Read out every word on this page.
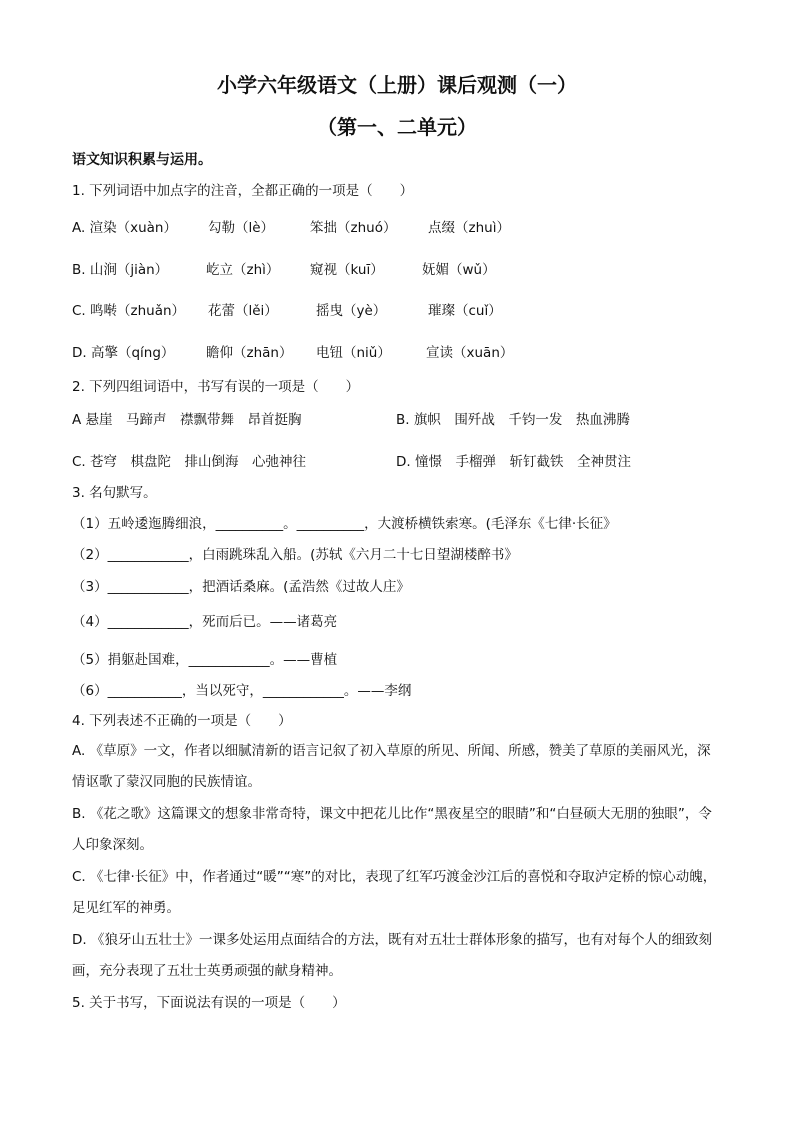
小学六年级语文（上册）课后观测（一）
（第一、二单元）
语文知识积累与运用。
1. 下列词语中加点字的注音，全都正确的一项是（　　）
A. 渲染（xuàn） 勾勒（lè）	笨拙（zhuó） 点缀（zhuì）
B. 山涧（jiàn）	屹立（zhì） 窥视（kuī）	妩媚（wǔ）
C. 鸣啭（zhuǎn） 花蕾（lěi）	摇曳（yè）	璀璨（cuǐ）
D. 高擎（qíng） 瞻仰（zhān） 电钮（niǔ）	宣读（xuān）
2. 下列四组词语中，书写有误的一项是（　　）
A 悬崖　马蹄声　襟飘带舞　昂首挺胸	B. 旗帜　围歼战　千钧一发　热血沸腾
C. 苍穹　棋盘陀　排山倒海　心弛神往	D. 憧憬　手榴弹　斩钉截铁　全神贯注
3. 名句默写。
（1）五岭逶迤腾细浪，__________。__________，大渡桥横铁索寒。(毛泽东《七律·长征》
（2）____________，白雨跳珠乱入船。(苏轼《六月二十七日望湖楼醉书》
（3）____________，把酒话桑麻。(孟浩然《过故人庄》
（4）____________，死而后已。——诸葛亮
（5）捐躯赴国难，____________。——曹植
（6）___________，当以死守，____________。——李纲
4. 下列表述不正确的一项是（　　）
A. 《草原》一文，作者以细腻清新的语言记叙了初入草原的所见、所闻、所感，赞美了草原的美丽风光，深情讴歌了蒙汉同胞的民族情谊。
B. 《花之歌》这篇课文的想象非常奇特，课文中把花儿比作“黑夜星空的眼睛”和“白昼硕大无朋的独眼”，令人印象深刻。
C. 《七律·长征》中，作者通过“暖”“寒”的对比，表现了红军巧渡金沙江后的喜悦和夺取泸定桥的惊心动魄，足见红军的神勇。
D. 《狼牙山五壮士》一课多处运用点面结合的方法，既有对五壮士群体形象的描写，也有对每个人的细致刻画，充分表现了五壮士英勇顽强的献身精神。
5. 关于书写，下面说法有误的一项是（　　）
